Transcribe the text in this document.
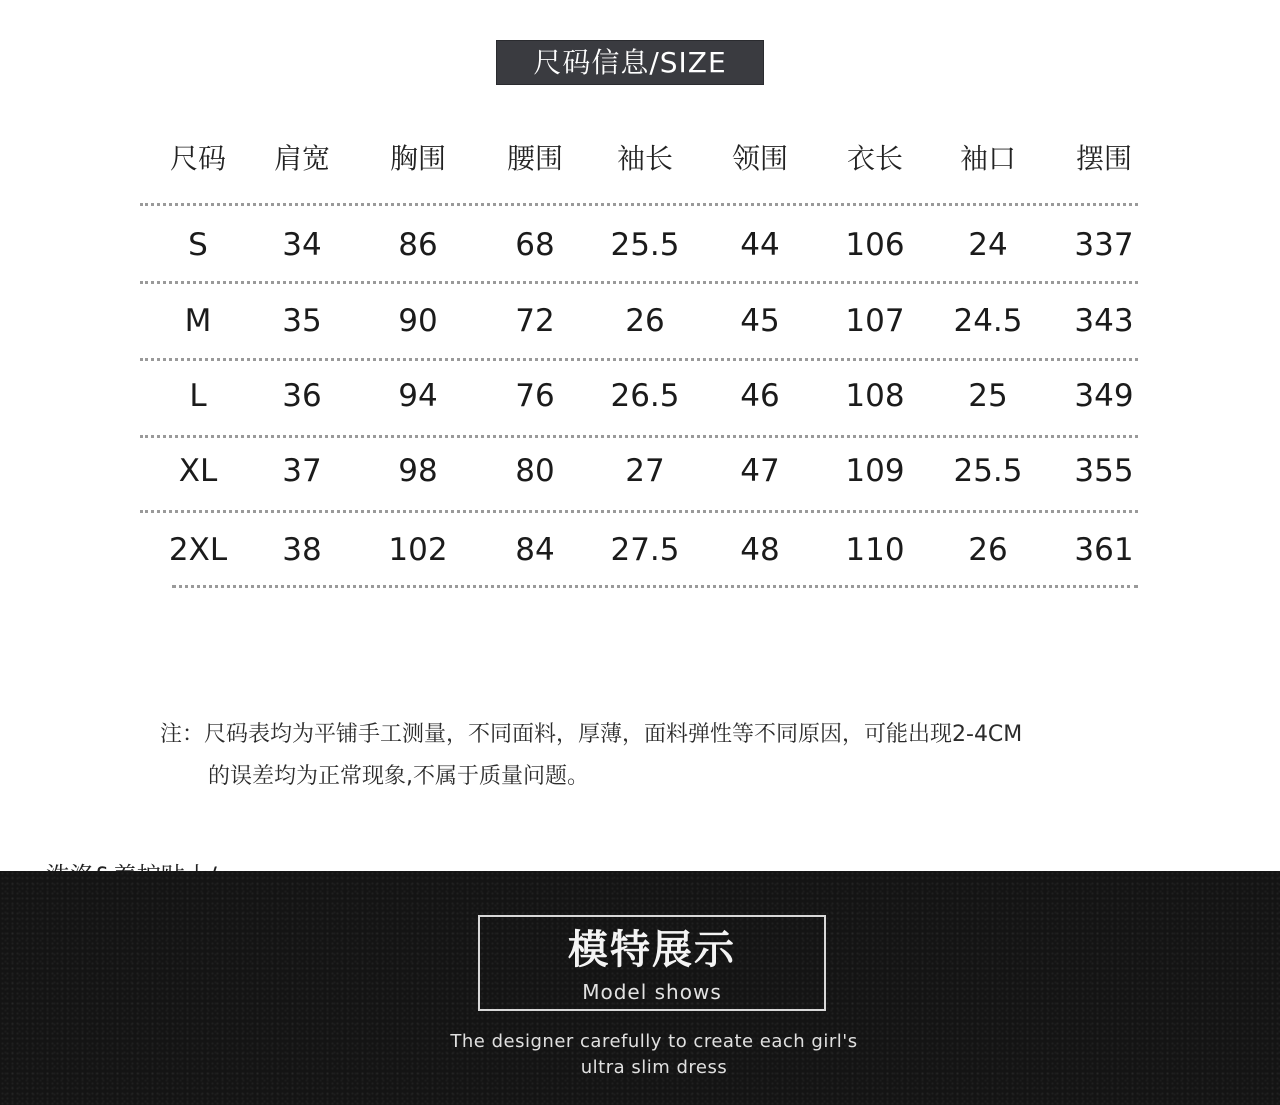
尺码信息/SIZE
尺码	肩宽	胸围	腰围	袖长	领围	衣长	袖口	摆围
S	34	86	68	25.5	44	106	24	337
M	35	90	72	26	45	107	24.5	343
L	36	94	76	26.5	46	108	25	349
XL	37	98	80	27	47	109	25.5	355
2XL	38	102	84	27.5	48	110	26	361
注：尺码表均为平铺手工测量，不同面料，厚薄，面料弹性等不同原因，可能出现2-4CM
的误差均为正常现象,不属于质量问题。
模特展示
Model shows
The designer carefully to create each girl's
ultra slim dress
